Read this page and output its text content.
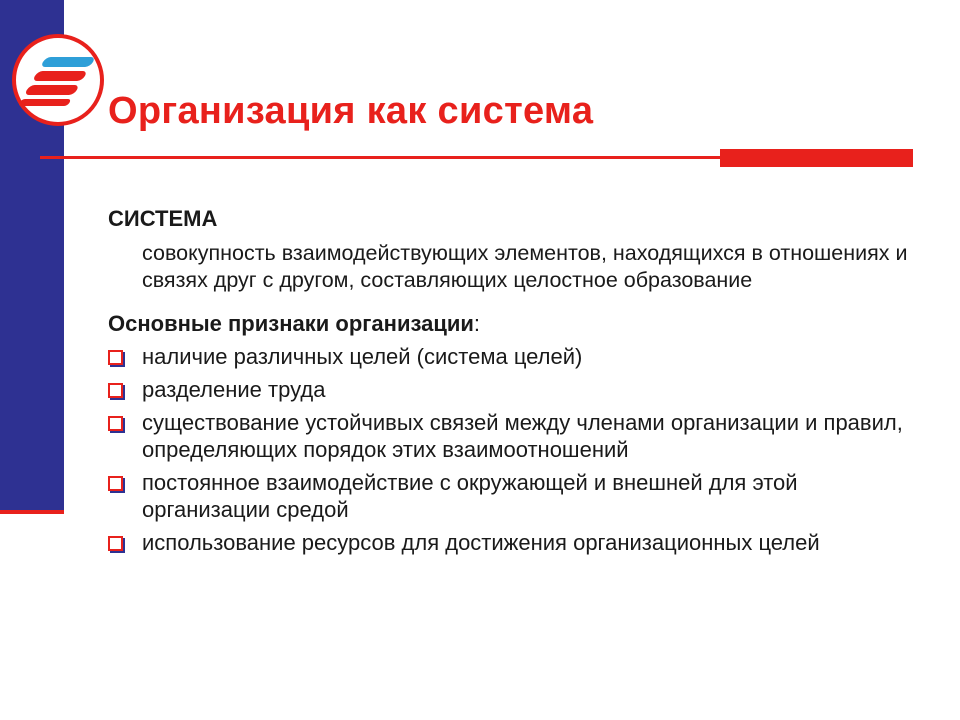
Организация как система
СИСТЕМА
совокупность взаимодействующих элементов, находящихся в отношениях и связях друг с другом, составляющих целостное образование
Основные признаки организации:
наличие различных целей (система целей)
разделение труда
существование устойчивых связей между членами организации и правил, определяющих порядок этих взаимоотношений
постоянное взаимодействие с окружающей и внешней для этой организации средой
использование ресурсов для достижения организационных целей
